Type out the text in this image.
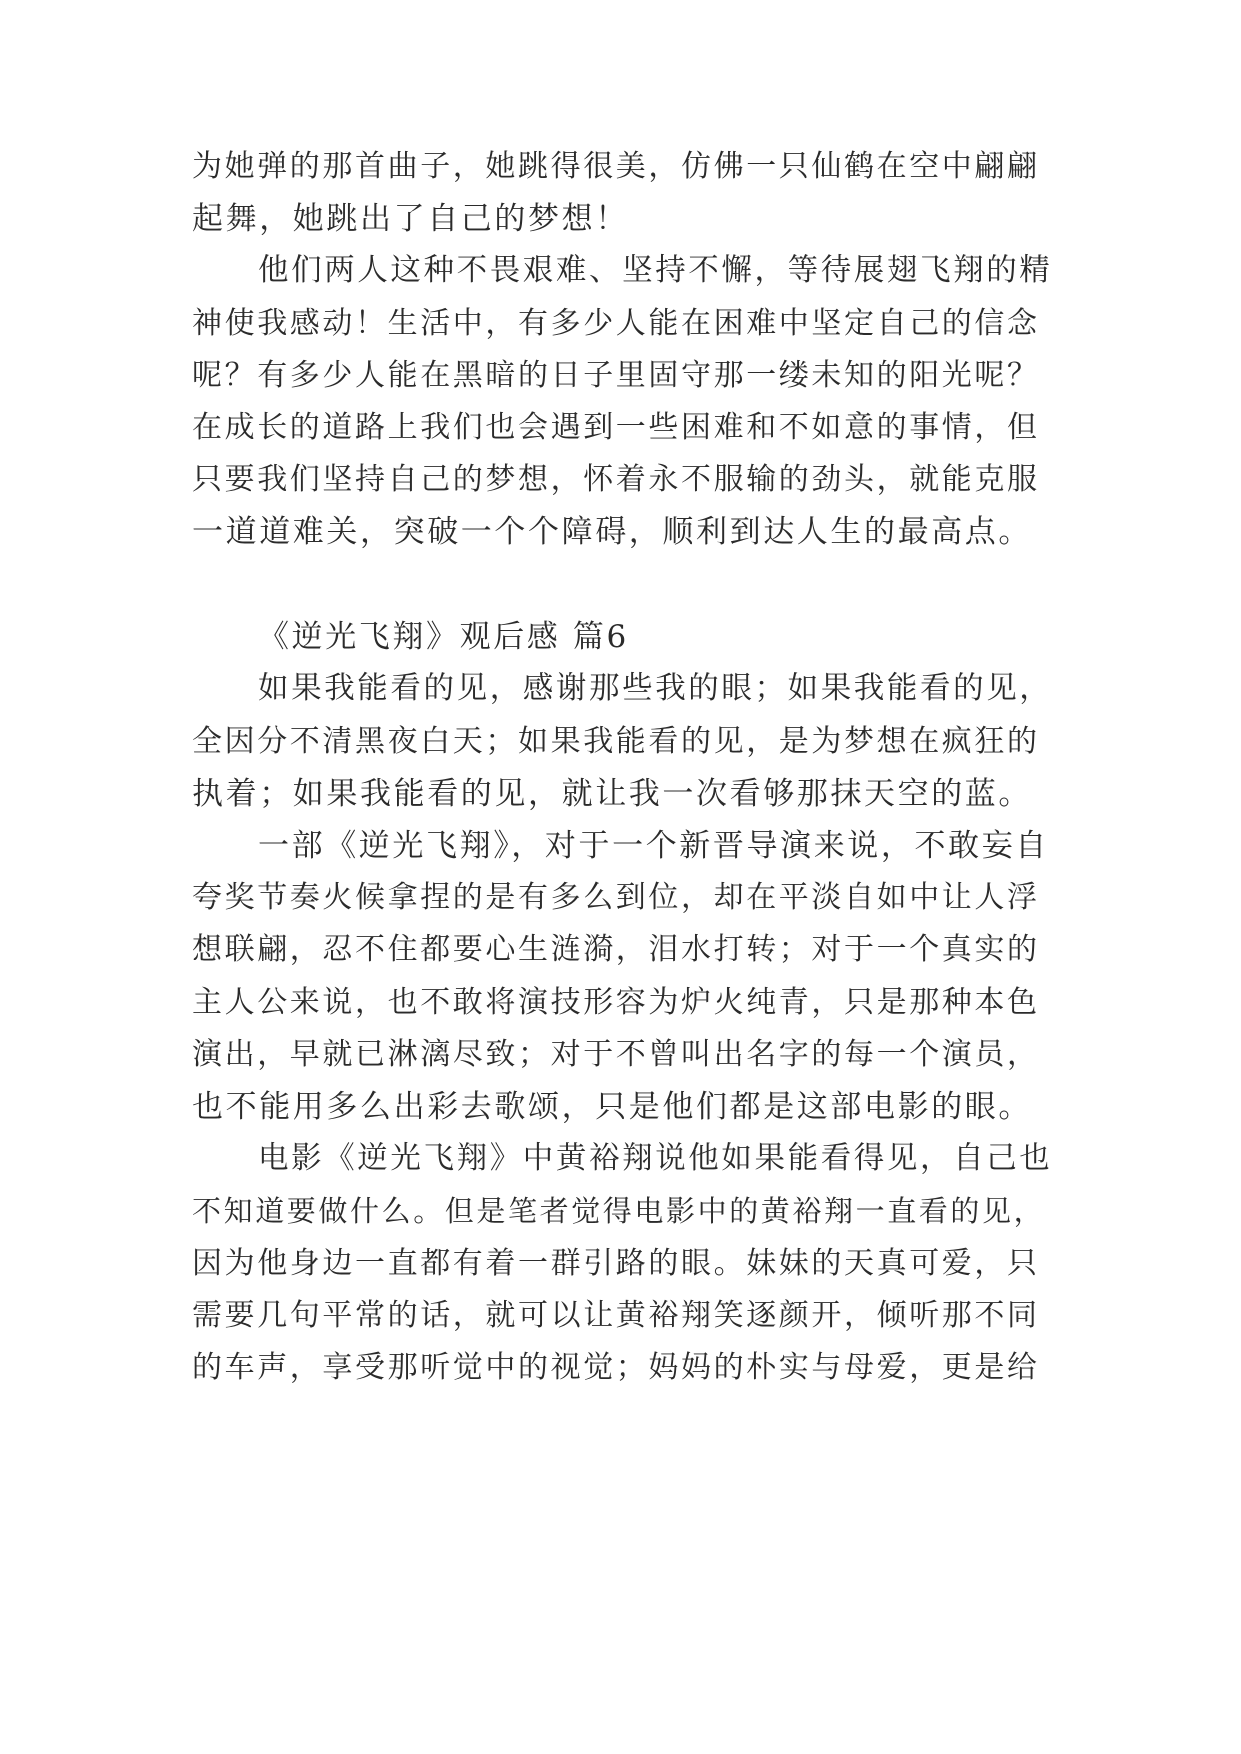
为她弹的那首曲子，她跳得很美，仿佛一只仙鹤在空中翩翩
起舞，她跳出了自己的梦想！
他们两人这种不畏艰难、坚持不懈，等待展翅飞翔的精
神使我感动！生活中，有多少人能在困难中坚定自己的信念
呢？有多少人能在黑暗的日子里固守那一缕未知的阳光呢？
在成长的道路上我们也会遇到一些困难和不如意的事情，但
只要我们坚持自己的梦想，怀着永不服输的劲头，就能克服
一道道难关，突破一个个障碍，顺利到达人生的最高点。
《逆光飞翔》观后感 篇6
如果我能看的见，感谢那些我的眼；如果我能看的见，
全因分不清黑夜白天；如果我能看的见，是为梦想在疯狂的
执着；如果我能看的见，就让我一次看够那抹天空的蓝。
一部《逆光飞翔》，对于一个新晋导演来说，不敢妄自
夸奖节奏火候拿捏的是有多么到位，却在平淡自如中让人浮
想联翩，忍不住都要心生涟漪，泪水打转；对于一个真实的
主人公来说，也不敢将演技形容为炉火纯青，只是那种本色
演出，早就已淋漓尽致；对于不曾叫出名字的每一个演员，
也不能用多么出彩去歌颂，只是他们都是这部电影的眼。
电影《逆光飞翔》中黄裕翔说他如果能看得见，自己也
不知道要做什么。但是笔者觉得电影中的黄裕翔一直看的见，
因为他身边一直都有着一群引路的眼。妹妹的天真可爱，只
需要几句平常的话，就可以让黄裕翔笑逐颜开，倾听那不同
的车声，享受那听觉中的视觉；妈妈的朴实与母爱，更是给
